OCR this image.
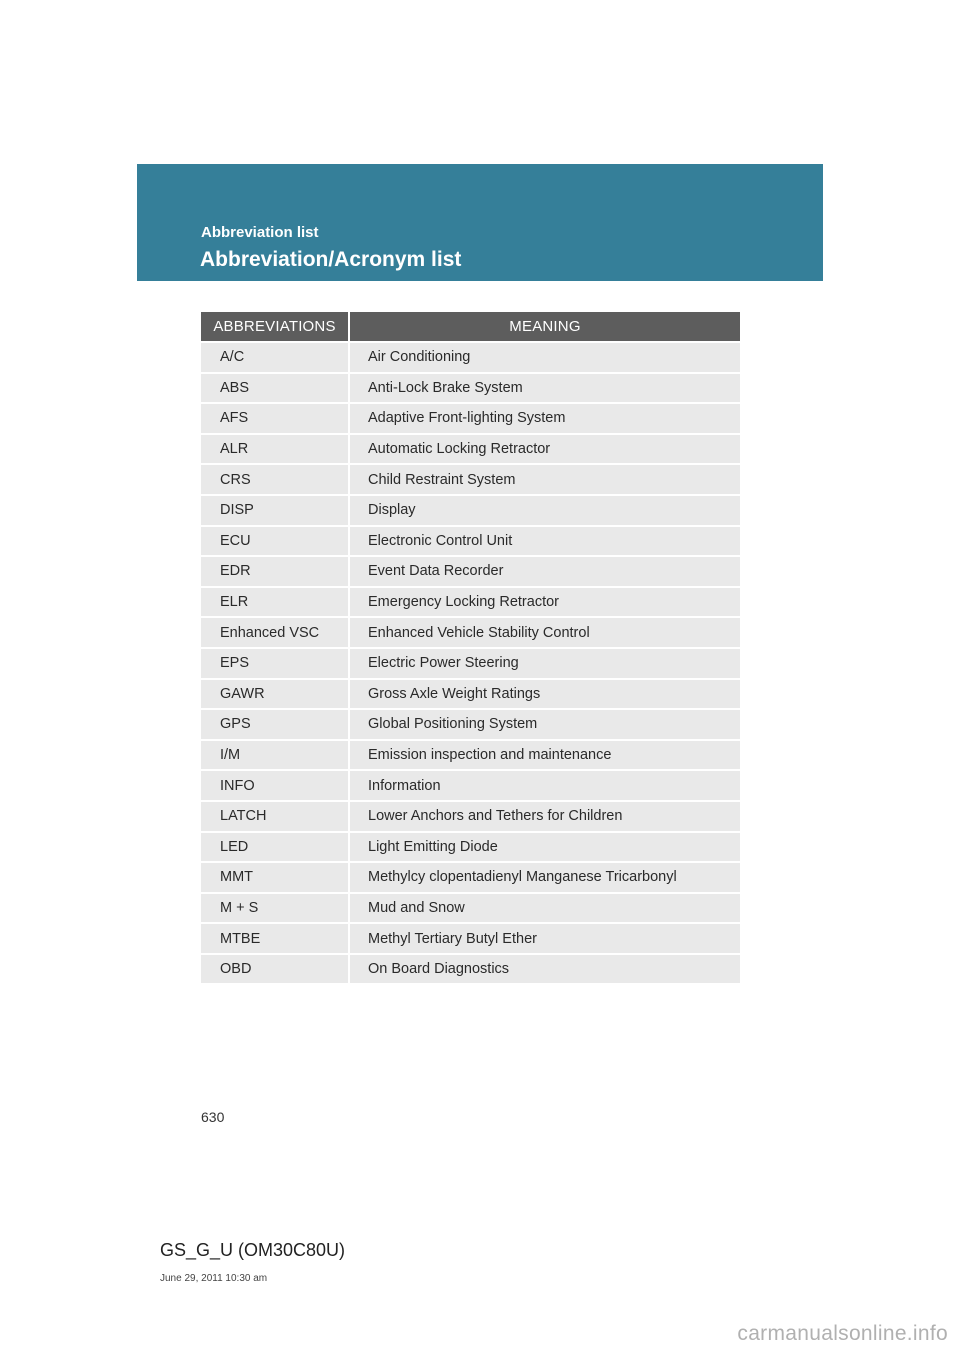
Abbreviation list
Abbreviation/Acronym list
ABBREVIATIONS	MEANING
A/C	Air Conditioning
ABS	Anti-Lock Brake System
AFS	Adaptive Front-lighting System
ALR	Automatic Locking Retractor
CRS	Child Restraint System
DISP	Display
ECU	Electronic Control Unit
EDR	Event Data Recorder
ELR	Emergency Locking Retractor
Enhanced VSC	Enhanced Vehicle Stability Control
EPS	Electric Power Steering
GAWR	Gross Axle Weight Ratings
GPS	Global Positioning System
I/M	Emission inspection and maintenance
INFO	Information
LATCH	Lower Anchors and Tethers for Children
LED	Light Emitting Diode
MMT	Methylcy clopentadienyl Manganese Tricarbonyl
M + S	Mud and Snow
MTBE	Methyl Tertiary Butyl Ether
OBD	On Board Diagnostics
630
GS_G_U (OM30C80U)
June 29, 2011 10:30 am
carmanualsonline.info
